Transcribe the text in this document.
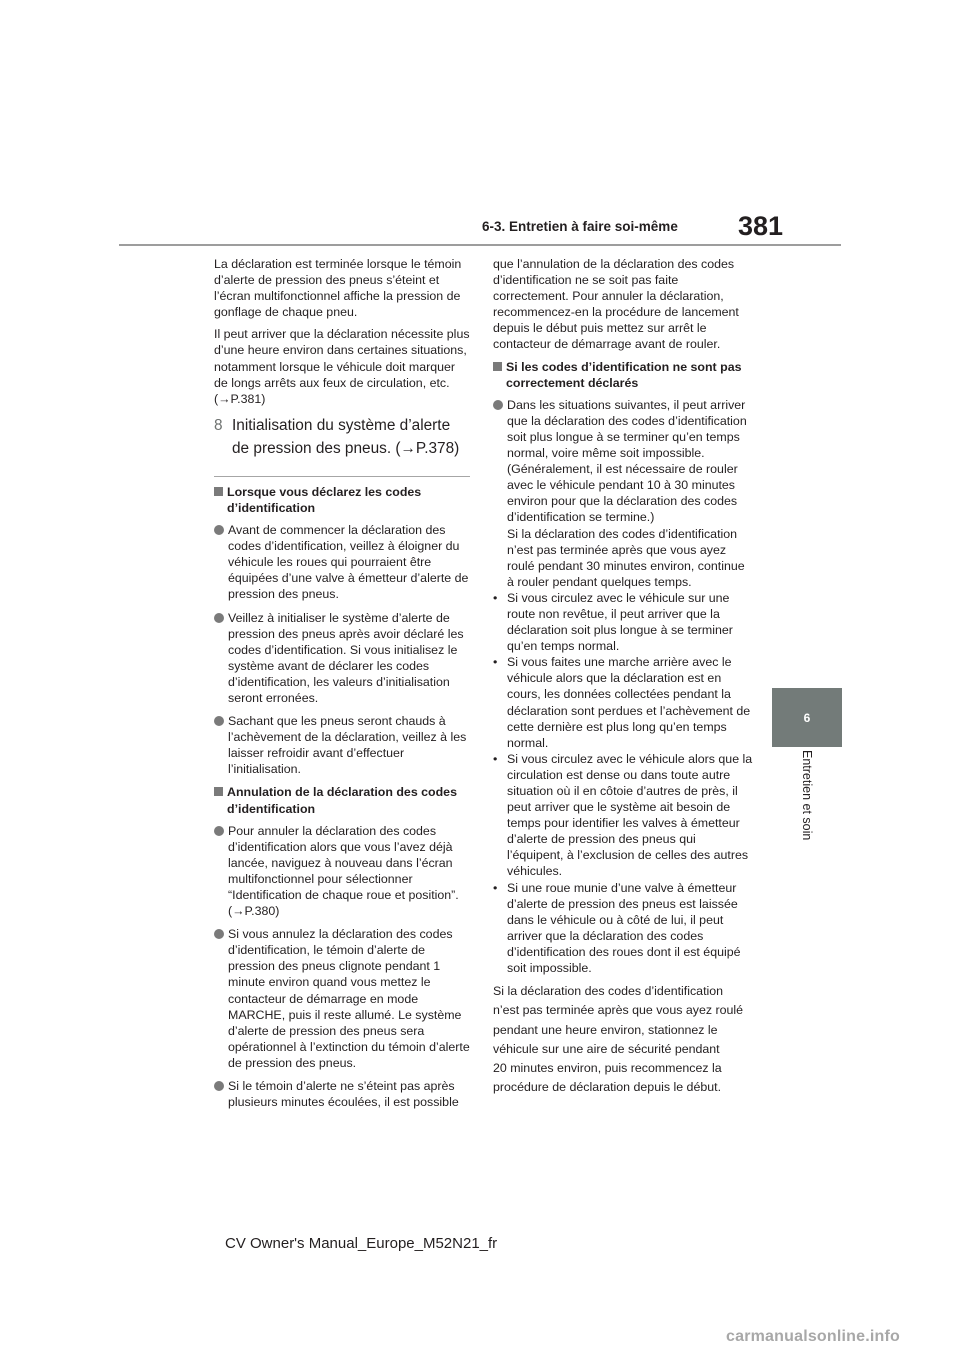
6-3. Entretien à faire soi-même 381
6
Entretien et soin

La déclaration est terminée lorsque le témoin d’alerte de pression des pneus s’éteint et l’écran multifonctionnel affiche la pression de gonflage de chaque pneu.

Il peut arriver que la déclaration nécessite plus d’une heure environ dans certaines situations, notamment lorsque le véhicule doit marquer de longs arrêts aux feux de circulation, etc. (→P.381)

8 Initialisation du système d’alerte de pression des pneus. (→P.378)
Lorsque vous déclarez les codes d’identification
Avant de commencer la déclaration des codes d’identification, veillez à éloigner du véhicule les roues qui pourraient être équipées d’une valve à émetteur d’alerte de pression des pneus.
Veillez à initialiser le système d’alerte de pression des pneus après avoir déclaré les codes d’identification. Si vous initialisez le système avant de déclarer les codes d’identification, les valeurs d’initialisation seront erronées.
Sachant que les pneus seront chauds à l’achèvement de la déclaration, veillez à les laisser refroidir avant d’effectuer l’initialisation.
Annulation de la déclaration des codes d’identification
Pour annuler la déclaration des codes d’identification alors que vous l’avez déjà lancée, naviguez à nouveau dans l’écran multifonctionnel pour sélectionner “Identification de chaque roue et position”. (→P.380)
Si vous annulez la déclaration des codes d’identification, le témoin d’alerte de pression des pneus clignote pendant 1 minute environ quand vous mettez le contacteur de démarrage en mode MARCHE, puis il reste allumé. Le système d’alerte de pression des pneus sera opérationnel à l’extinction du témoin d’alerte de pression des pneus.
Si le témoin d’alerte ne s’éteint pas après plusieurs minutes écoulées, il est possible

que l’annulation de la déclaration des codes d’identification ne se soit pas faite correctement. Pour annuler la déclaration, recommencez-en la procédure de lancement depuis le début puis mettez sur arrêt le contacteur de démarrage avant de rouler.

Si les codes d’identification ne sont pas correctement déclarés
Dans les situations suivantes, il peut arriver que la déclaration des codes d’identification soit plus longue à se terminer qu’en temps normal, voire même soit impossible. (Généralement, il est nécessaire de rouler avec le véhicule pendant 10 à 30 minutes environ pour que la déclaration des codes d’identification se termine.)
Si la déclaration des codes d’identification n’est pas terminée après que vous ayez roulé pendant 30 minutes environ, continue à rouler pendant quelques temps.
• Si vous circulez avec le véhicule sur une route non revêtue, il peut arriver que la déclaration soit plus longue à se terminer qu’en temps normal.
• Si vous faites une marche arrière avec le véhicule alors que la déclaration est en cours, les données collectées pendant la déclaration sont perdues et l’achèvement de cette dernière est plus long qu’en temps normal.
• Si vous circulez avec le véhicule alors que la circulation est dense ou dans toute autre situation où il en côtoie d’autres de près, il peut arriver que le système ait besoin de temps pour identifier les valves à émetteur d’alerte de pression des pneus qui l’équipent, à l’exclusion de celles des autres véhicules.
• Si une roue munie d’une valve à émetteur d’alerte de pression des pneus est laissée dans le véhicule ou à côté de lui, il peut arriver que la déclaration des codes d’identification des roues dont il est équipé soit impossible.

Si la déclaration des codes d’identification

n’est pas terminée après que vous ayez roulé

pendant une heure environ, stationnez le

véhicule sur une aire de sécurité pendant

20 minutes environ, puis recommencez la

procédure de déclaration depuis le début.

CV Owner's Manual_Europe_M52N21_fr
carmanualsonline.info
